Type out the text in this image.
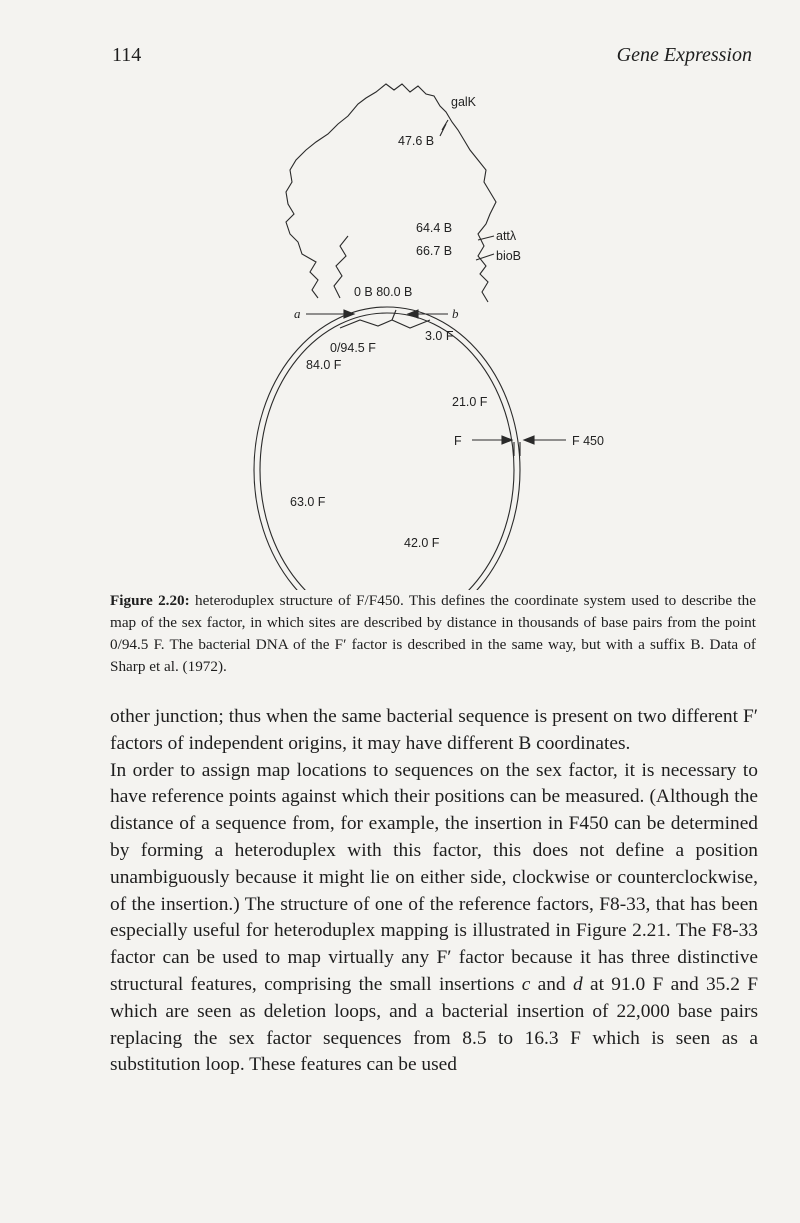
114	Gene Expression
galK
47.6 B
64.4 B
attλ
66.7 B	bioB
0 B 80.0 B
a	b
3.0 F
0/94.5 F
84.0 F
21.0 F
F	F 450
63.0 F
42.0 F
Figure 2.20: heteroduplex structure of F/F450. This defines the coordinate system used to describe the map of the sex factor, in which sites are described by distance in thousands of base pairs from the point 0/94.5 F. The bacterial DNA of the F′ factor is described in the same way, but with a suffix B. Data of Sharp et al. (1972).

other junction; thus when the same bacterial sequence is present on two different F′ factors of independent origins, it may have different B coordinates.

In order to assign map locations to sequences on the sex factor, it is necessary to have reference points against which their positions can be measured. (Although the distance of a sequence from, for example, the insertion in F450 can be determined by forming a heteroduplex with this factor, this does not define a position unambiguously because it might lie on either side, clockwise or counterclockwise, of the insertion.) The structure of one of the reference factors, F8-33, that has been especially useful for heteroduplex mapping is illustrated in Figure 2.21. The F8-33 factor can be used to map virtually any F′ factor because it has three distinctive structural features, comprising the small insertions c and d at 91.0 F and 35.2 F which are seen as deletion loops, and a bacterial insertion of 22,000 base pairs replacing the sex factor sequences from 8.5 to 16.3 F which is seen as a substitution loop. These features can be used
